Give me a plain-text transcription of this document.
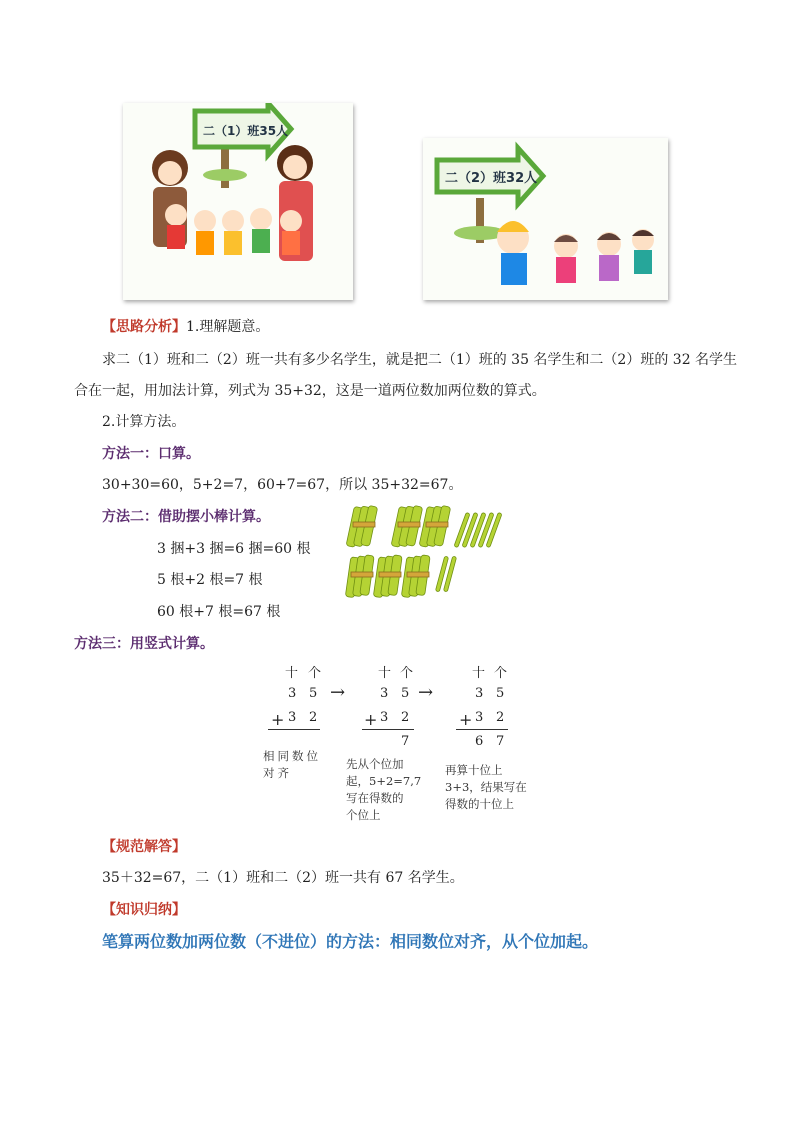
二（1）班35人
二（2）班32人
【思路分析】1.理解题意。
求二（1）班和二（2）班一共有多少名学生，就是把二（1）班的 35 名学生和二（2）班的 32 名学生
合在一起，用加法计算，列式为 35+32，这是一道两位数加两位数的算式。
2.计算方法。
方法一：口算。
30+30=60，5+2=7，60+7=67，所以 35+32=67。
方法二：借助摆小棒计算。
3 捆+3 捆=6 捆=60 根
5 根+2 根=7 根
60 根+7 根=67 根
方法三：用竖式计算。
十 个
3 5
+ 3 2
→
十 个
3 5
+ 3 2
7
→
十 个
3 5
+ 3 2
6 7
相同数位
对齐
先从个位加
起，5+2=7,7
写在得数的
个位上
再算十位上
3+3，结果写在
得数的十位上
【规范解答】
35＋32=67，二（1）班和二（2）班一共有 67 名学生。
【知识归纳】
笔算两位数加两位数（不进位）的方法：相同数位对齐，从个位加起。
